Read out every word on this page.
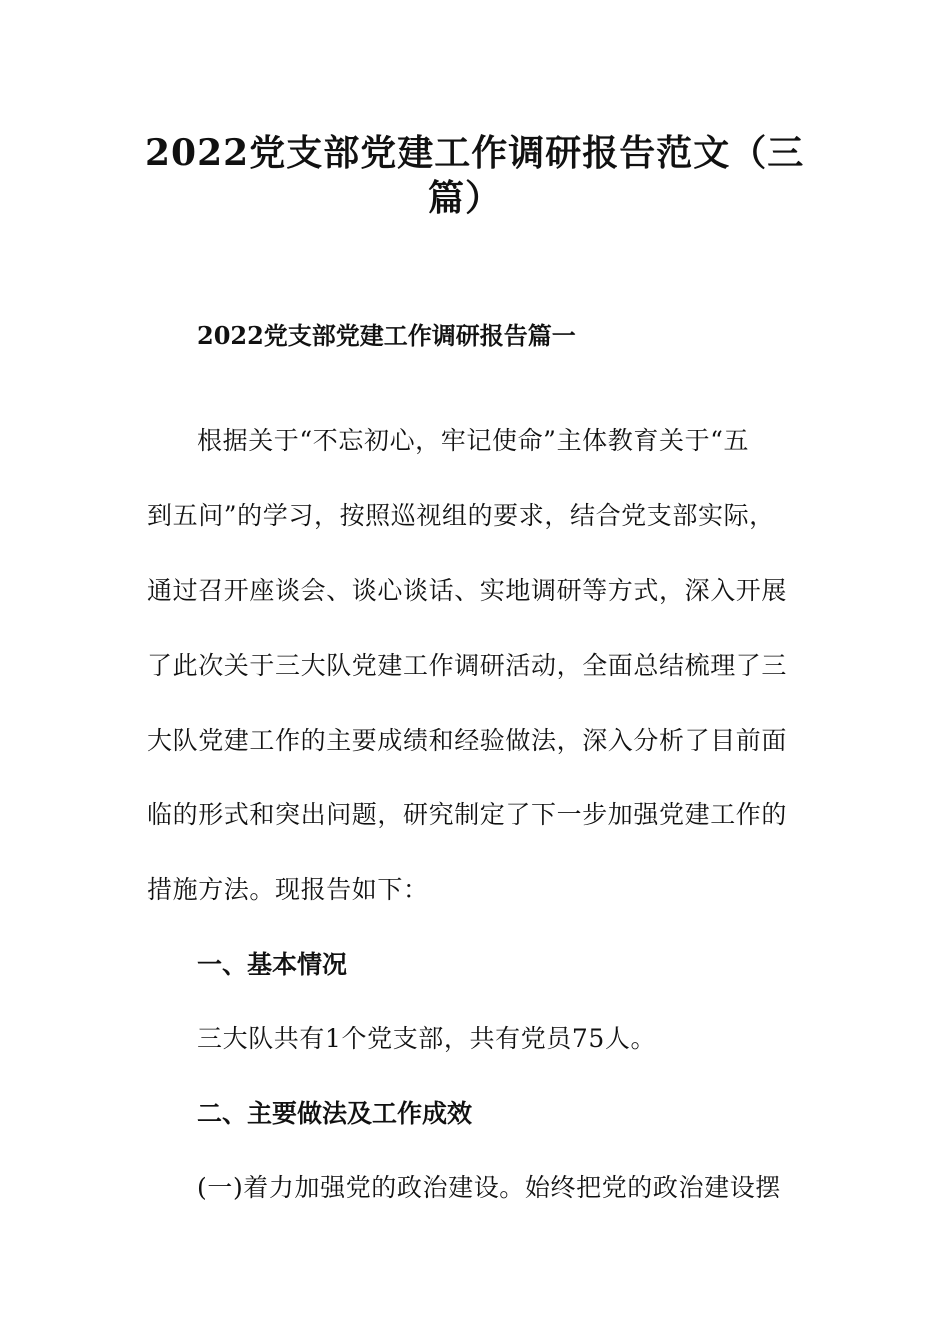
2022党支部党建工作调研报告范文（三
篇）
2022党支部党建工作调研报告篇一
根据关于“不忘初心，牢记使命”主体教育关于“五
到五问”的学习，按照巡视组的要求，结合党支部实际，
通过召开座谈会、谈心谈话、实地调研等方式，深入开展
了此次关于三大队党建工作调研活动，全面总结梳理了三
大队党建工作的主要成绩和经验做法，深入分析了目前面
临的形式和突出问题，研究制定了下一步加强党建工作的
措施方法。现报告如下：
一、基本情况
三大队共有1个党支部，共有党员75人。
二、主要做法及工作成效
(一)着力加强党的政治建设。始终把党的政治建设摆
